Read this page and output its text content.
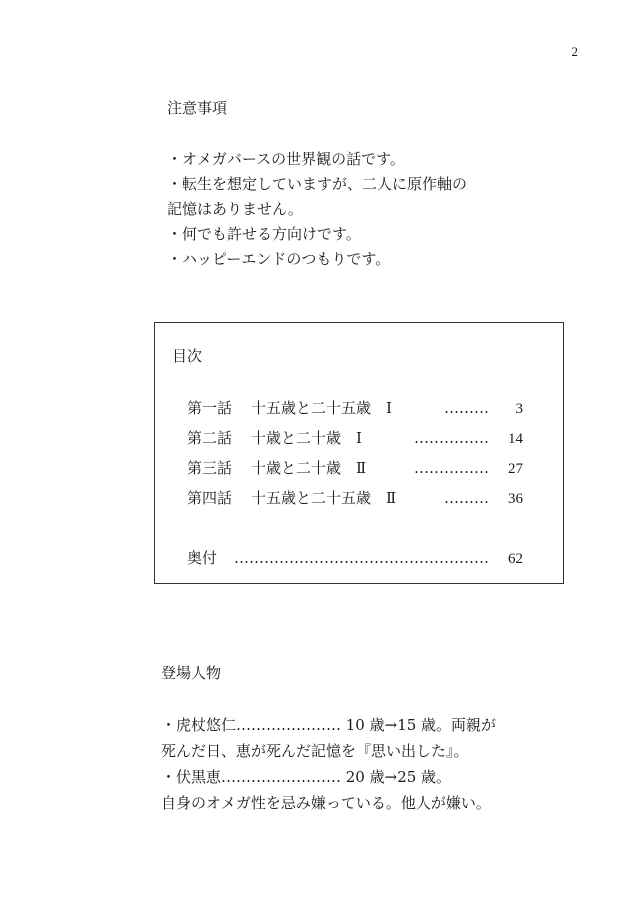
2

注意事項

・オメガバースの世界観の話です。

・転生を想定していますが、二人に原作軸の

記憶はありません。

・何でも許せる方向けです。

・ハッピーエンドのつもりです。

目次
第一話	十五歳と二十五歳　Ⅰ	………	3
第二話	十歳と二十歳　Ⅰ	……………	14
第三話	十歳と二十歳　Ⅱ	……………	27
第四話	十五歳と二十五歳　Ⅱ	………	36
奥付	……………………………………………	62

登場人物

・虎杖悠仁………………… 10 歳→15 歳。両親が

死んだ日、恵が死んだ記憶を『思い出した』。

・伏黒恵…………………… 20 歳→25 歳。

自身のオメガ性を忌み嫌っている。他人が嫌い。
